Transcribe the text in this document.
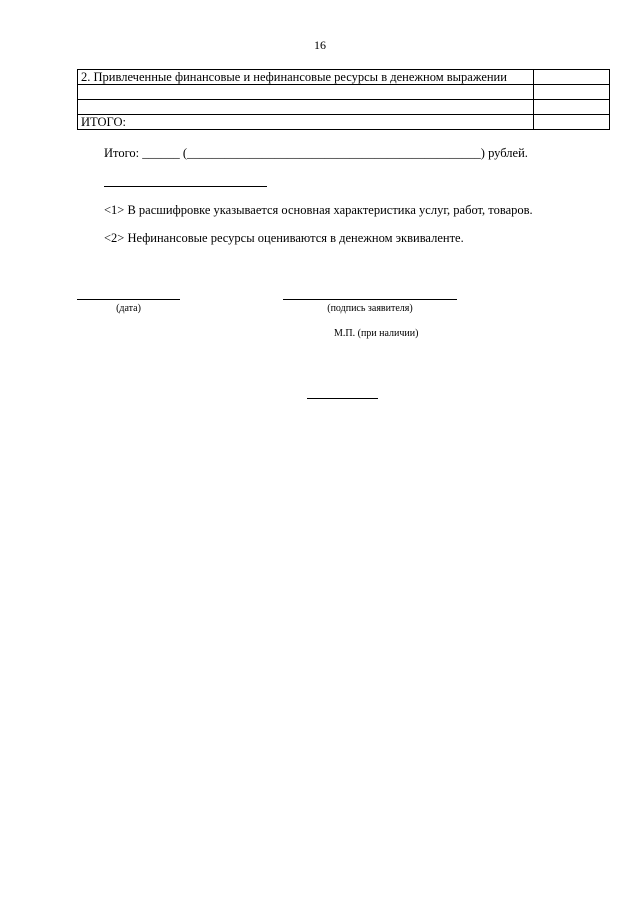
16
2. Привлеченные финансовые и нефинансовые ресурсы в денежном выражении	

ИТОГО:	
Итого: ______ (_______________________________________________) рублей.
<1> В расшифровке указывается основная характеристика услуг, работ, товаров.
<2> Нефинансовые ресурсы оцениваются в денежном эквиваленте.
(дата)	(подпись заявителя)
М.П. (при наличии)
